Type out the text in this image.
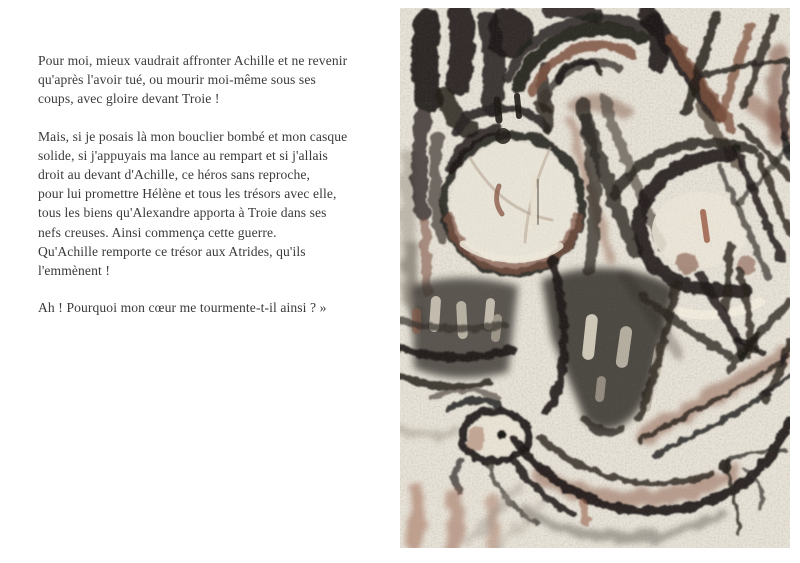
Pour moi, mieux vaudrait affronter Achille et ne revenir
qu'après l'avoir tué, ou mourir moi-même sous ses
coups, avec gloire devant Troie !

Mais, si je posais là mon bouclier bombé et mon casque
solide, si j'appuyais ma lance au rempart et si j'allais
droit au devant d'Achille, ce héros sans reproche,
pour lui promettre Hélène et tous les trésors avec elle,
tous les biens qu'Alexandre apporta à Troie dans ses
nefs creuses. Ainsi commença cette guerre.
Qu'Achille remporte ce trésor aux Atrides, qu'ils
l'emmènent !

Ah ! Pourquoi mon cœur me tourmente-t-il ainsi ? »
